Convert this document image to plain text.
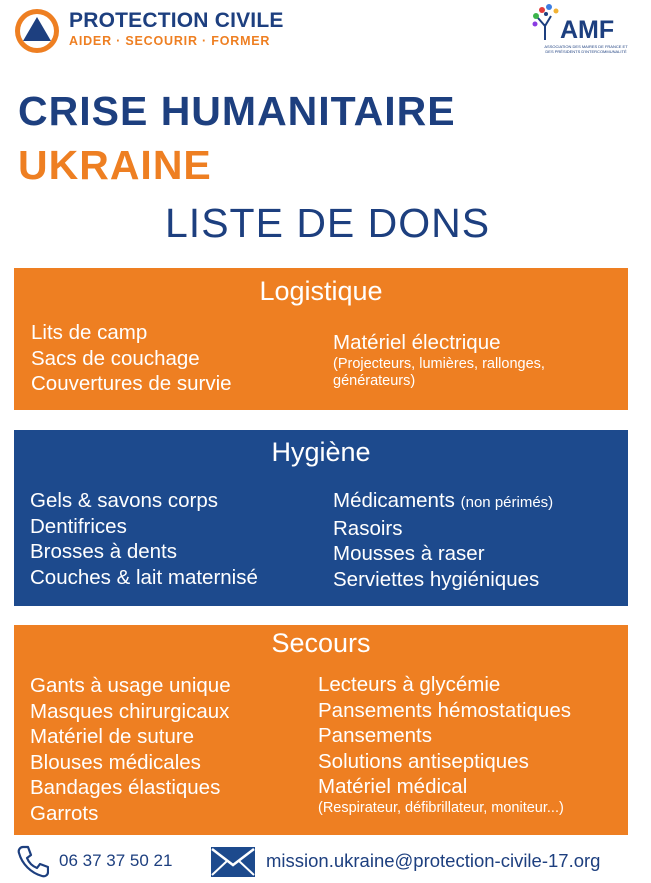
PROTECTION CIVILE
AIDER · SECOURIR · FORMER	AMF
ASSOCIATION DES MAIRES DE FRANCE ET DES PRÉSIDENTS D'INTERCOMMUNALITÉ
CRISE HUMANITAIRE
UKRAINE
LISTE DE DONS
Logistique
Lits de camp
Sacs de couchage
Couvertures de survie
Matériel électrique
(Projecteurs, lumières, rallonges,
générateurs)
Hygiène
Gels & savons corps
Dentifrices
Brosses à dents
Couches & lait maternisé
Médicaments (non périmés)
Rasoirs
Mousses à raser
Serviettes hygiéniques
Secours
Gants à usage unique
Masques chirurgicaux
Matériel de suture
Blouses médicales
Bandages élastiques
Garrots
Lecteurs à glycémie
Pansements hémostatiques
Pansements
Solutions antiseptiques
Matériel médical
(Respirateur, défibrillateur, moniteur...)
06 37 37 50 21	mission.ukraine@protection-civile-17.org
